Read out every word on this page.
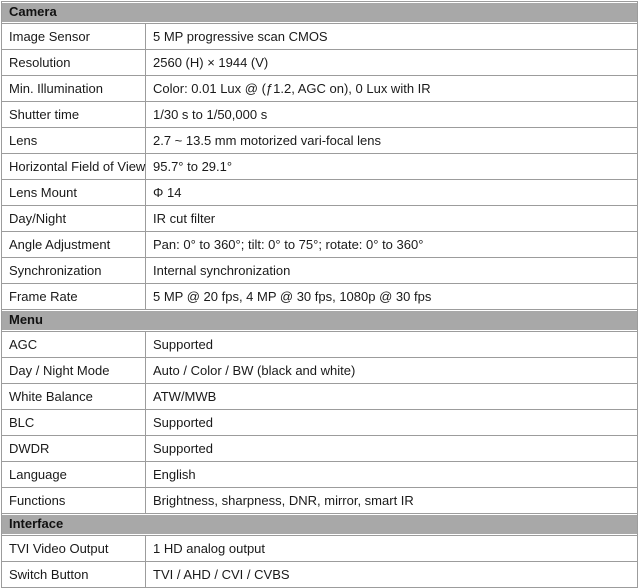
Camera	

Image Sensor	5 MP progressive scan CMOS
Resolution	2560 (H) × 1944 (V)
Min. Illumination	Color: 0.01 Lux @ (ƒ1.2, AGC on), 0 Lux with IR
Shutter time	1/30 s to 1/50,000 s
Lens	2.7 ~ 13.5 mm motorized vari-focal lens
Horizontal Field of View	95.7° to 29.1°
Lens Mount	Φ 14
Day/Night	IR cut filter
Angle Adjustment	Pan: 0° to 360°; tilt: 0° to 75°; rotate: 0° to 360°
Synchronization	Internal synchronization
Frame Rate	5 MP @ 20 fps, 4 MP @ 30 fps, 1080p @ 30 fps

Menu	

AGC	Supported
Day / Night Mode	Auto / Color / BW (black and white)
White Balance	ATW/MWB
BLC	Supported
DWDR	Supported
Language	English
Functions	Brightness, sharpness, DNR, mirror, smart IR

Interface	

TVI Video Output	1 HD analog output
Switch Button	TVI / AHD / CVI / CVBS
